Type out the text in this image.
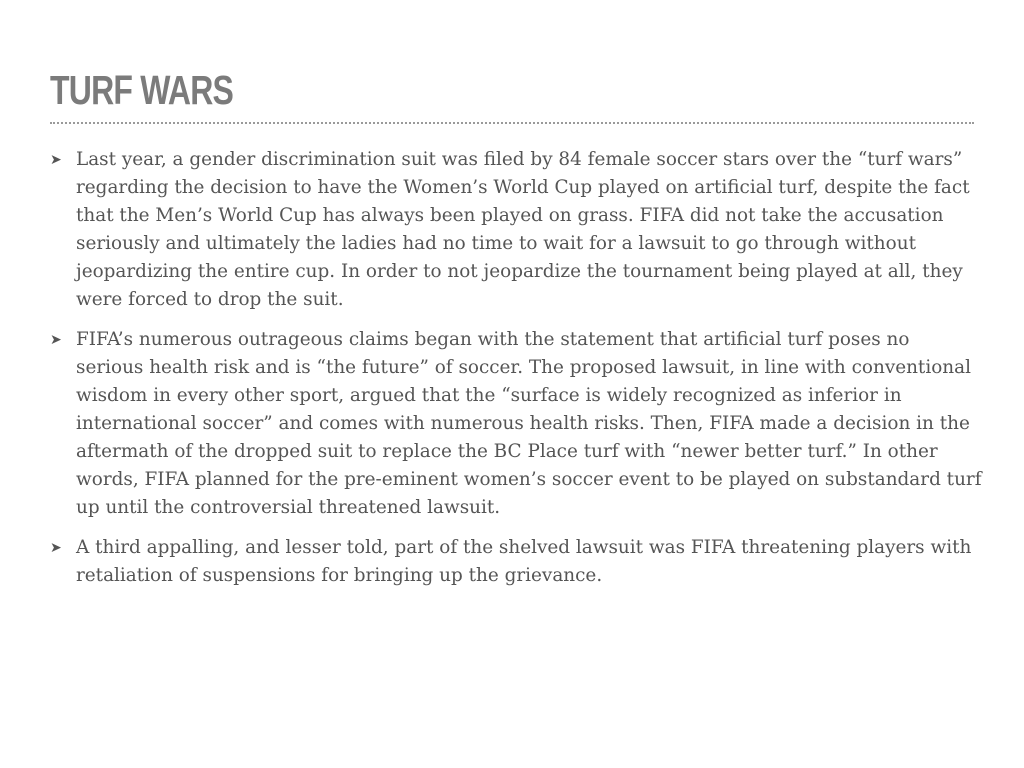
TURF WARS
➤ Last year, a gender discrimination suit was filed by 84 female soccer stars over the “turf wars” regarding the decision to have the Women’s World Cup played on artificial turf, despite the fact that the Men’s World Cup has always been played on grass. FIFA did not take the accusation seriously and ultimately the ladies had no time to wait for a lawsuit to go through without jeopardizing the entire cup. In order to not jeopardize the tournament being played at all, they were forced to drop the suit.
➤ FIFA’s numerous outrageous claims began with the statement that artificial turf poses no serious health risk and is “the future” of soccer. The proposed lawsuit, in line with conventional wisdom in every other sport, argued that the “surface is widely recognized as inferior in international soccer” and comes with numerous health risks. Then, FIFA made a decision in the aftermath of the dropped suit to replace the BC Place turf with “newer better turf.” In other words, FIFA planned for the pre-eminent women’s soccer event to be played on substandard turf up until the controversial threatened lawsuit.
➤ A third appalling, and lesser told, part of the shelved lawsuit was FIFA threatening players with retaliation of suspensions for bringing up the grievance.
